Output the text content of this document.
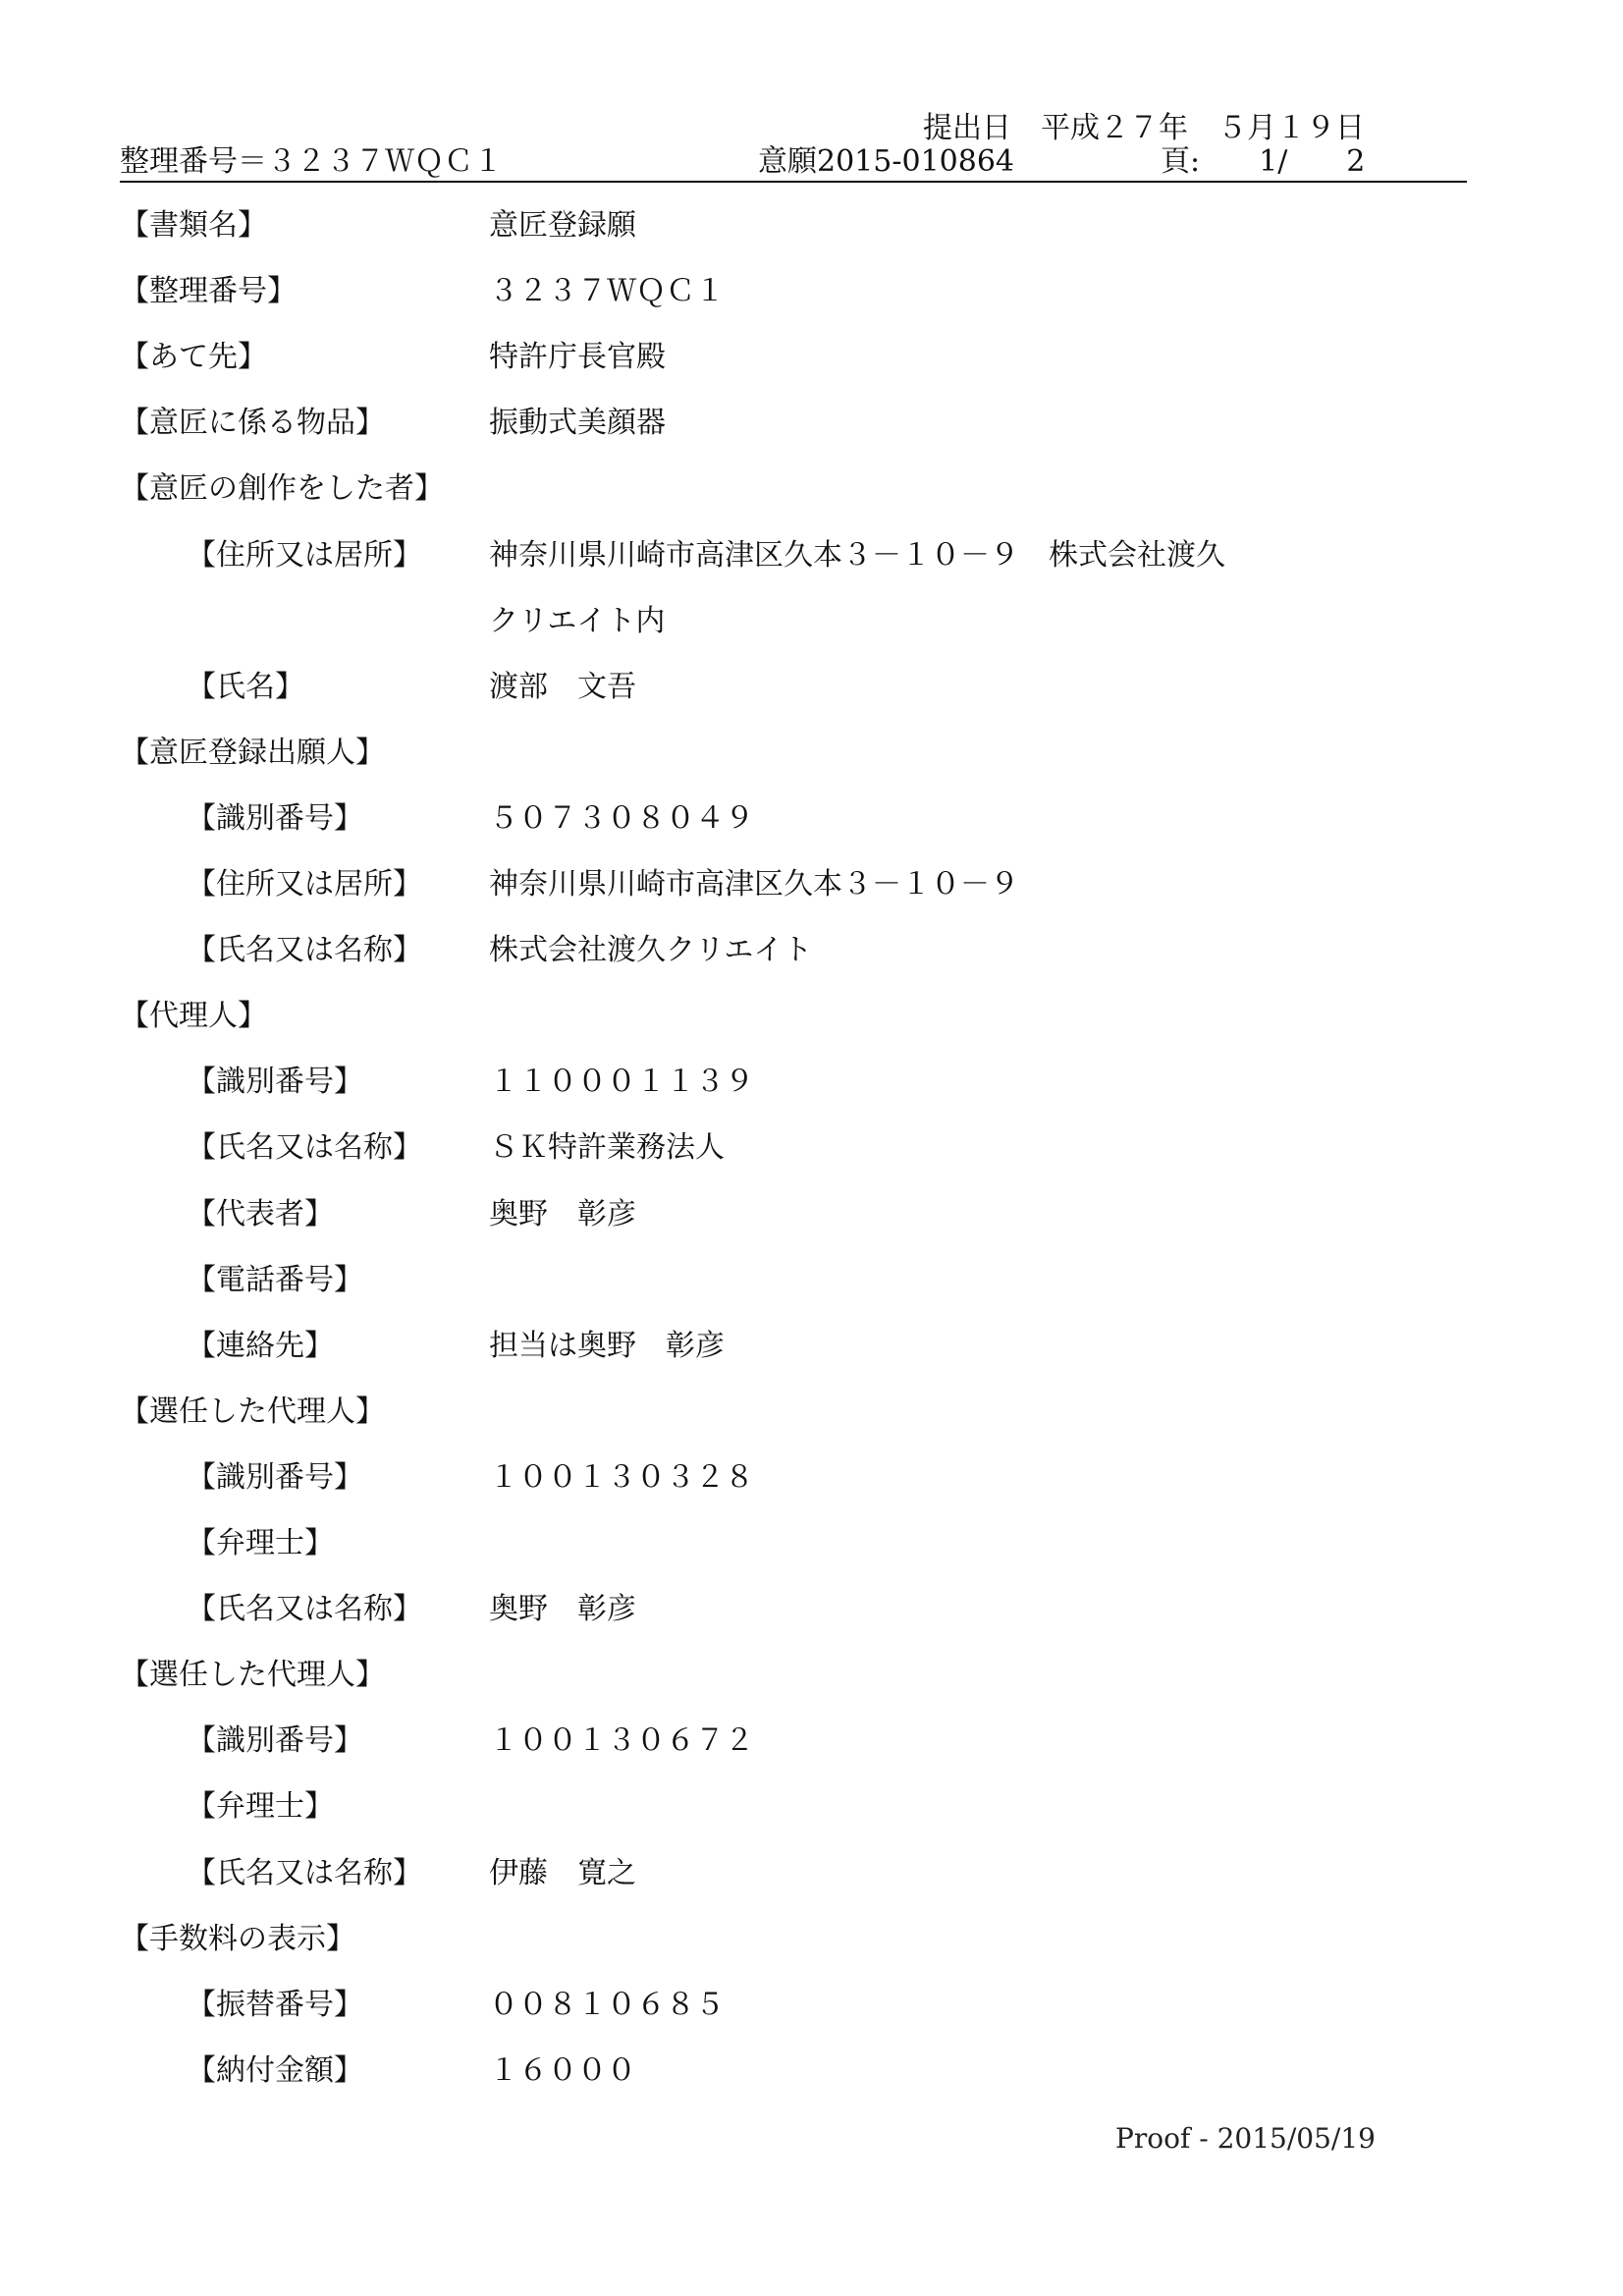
提出日　平成２７年　５月１９日
整理番号＝３２３７ＷＱＣ１	意願2015-010864	頁:　　1/　　2
【書類名】	意匠登録願
【整理番号】	３２３７ＷＱＣ１
【あて先】	特許庁長官殿
【意匠に係る物品】	振動式美顔器
【意匠の創作をした者】
【住所又は居所】 神奈川県川崎市高津区久本３－１０－９　株式会社渡久
クリエイト内
【氏名】	渡部　文吾
【意匠登録出願人】
【識別番号】	５０７３０８０４９
【住所又は居所】 神奈川県川崎市高津区久本３－１０－９
【氏名又は名称】 株式会社渡久クリエイト
【代理人】
【識別番号】	１１０００１１３９
【氏名又は名称】 ＳＫ特許業務法人
【代表者】	奥野　彰彦
【電話番号】
【連絡先】	担当は奥野　彰彦
【選任した代理人】
【識別番号】	１００１３０３２８
【弁理士】
【氏名又は名称】 奥野　彰彦
【選任した代理人】
【識別番号】	１００１３０６７２
【弁理士】
【氏名又は名称】 伊藤　寛之
【手数料の表示】
【振替番号】	００８１０６８５
【納付金額】	１６０００
Proof - 2015/05/19
